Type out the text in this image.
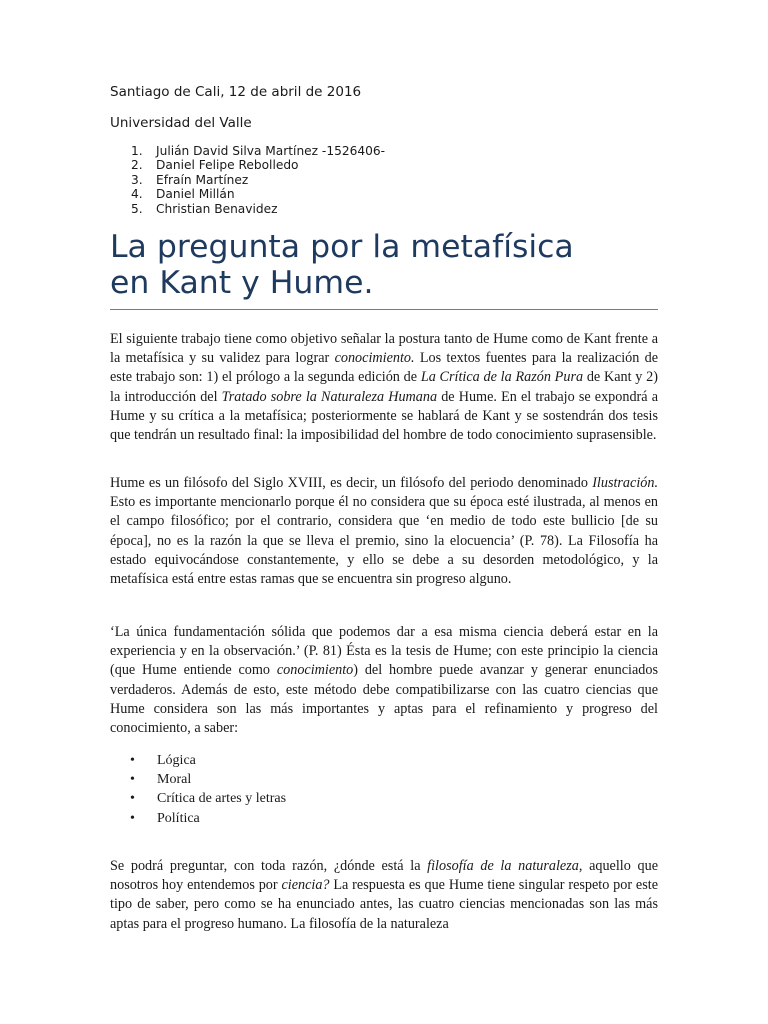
Santiago de Cali, 12 de abril de 2016
Universidad del Valle
1. Julián David Silva Martínez -1526406-
2. Daniel Felipe Rebolledo
3. Efraín Martínez
4. Daniel Millán
5. Christian Benavidez
La pregunta por la metafísica
en Kant y Hume.

El siguiente trabajo tiene como objetivo señalar la postura tanto de Hume como de Kant frente a la metafísica y su validez para lograr conocimiento. Los textos fuentes para la realización de este trabajo son: 1) el prólogo a la segunda edición de La Crítica de la Razón Pura de Kant y 2) la introducción del Tratado sobre la Naturaleza Humana de Hume. En el trabajo se expondrá a Hume y su crítica a la metafísica; posteriormente se hablará de Kant y se sostendrán dos tesis que tendrán un resultado final: la imposibilidad del hombre de todo conocimiento suprasensible.

Hume es un filósofo del Siglo XVIII, es decir, un filósofo del periodo denominado Ilustración. Esto es importante mencionarlo porque él no considera que su época esté ilustrada, al menos en el campo filosófico; por el contrario, considera que ‘en medio de todo este bullicio [de su época], no es la razón la que se lleva el premio, sino la elocuencia’ (P. 78). La Filosofía ha estado equivocándose constantemente, y ello se debe a su desorden metodológico, y la metafísica está entre estas ramas que se encuentra sin progreso alguno.

‘La única fundamentación sólida que podemos dar a esa misma ciencia deberá estar en la experiencia y en la observación.’ (P. 81) Ésta es la tesis de Hume; con este principio la ciencia (que Hume entiende como conocimiento) del hombre puede avanzar y generar enunciados verdaderos. Además de esto, este método debe compatibilizarse con las cuatro ciencias que Hume considera son las más importantes y aptas para el refinamiento y progreso del conocimiento, a saber:

• Lógica
• Moral
• Crítica de artes y letras
• Política

Se podrá preguntar, con toda razón, ¿dónde está la filosofía de la naturaleza, aquello que nosotros hoy entendemos por ciencia? La respuesta es que Hume tiene singular respeto por este tipo de saber, pero como se ha enunciado antes, las cuatro ciencias mencionadas son las más aptas para el progreso humano. La filosofía de la naturaleza
